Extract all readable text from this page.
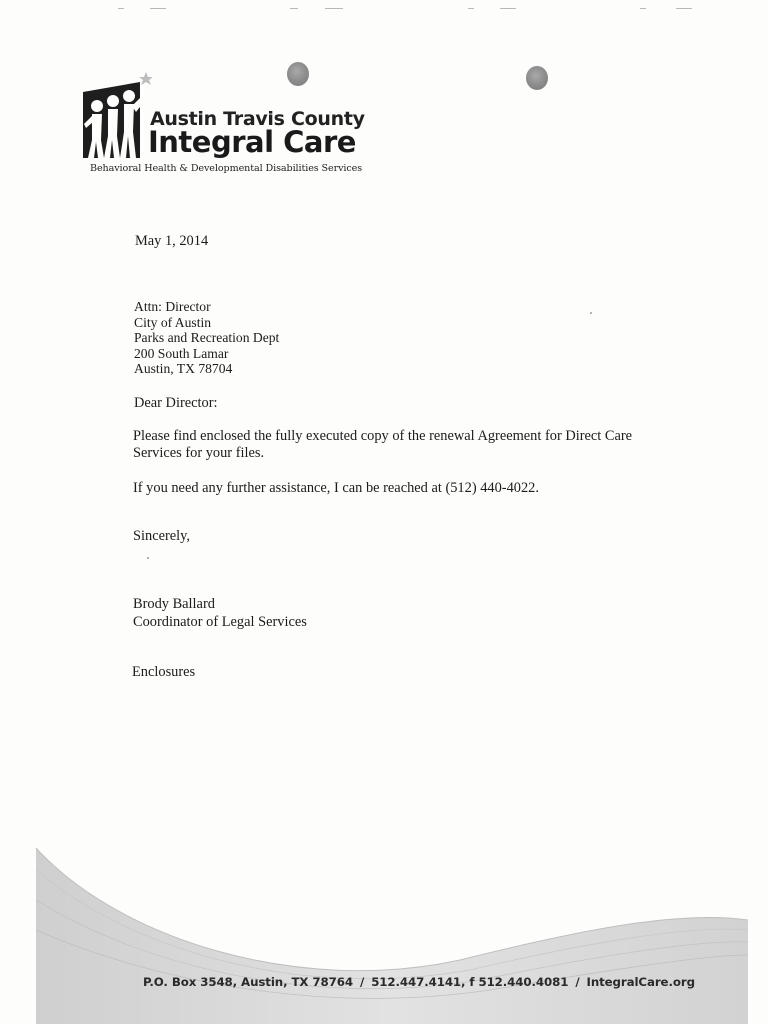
Austin Travis County
Integral Care
Behavioral Health & Developmental Disabilities Services
May 1, 2014
Attn: Director
City of Austin
Parks and Recreation Dept
200 South Lamar
Austin, TX 78704
Dear Director:
Please find enclosed the fully executed copy of the renewal Agreement for Direct Care
Services for your files.
If you need any further assistance, I can be reached at (512) 440-4022.
Sincerely,
Brody Ballard
Coordinator of Legal Services
Enclosures
P.O. Box 3548, Austin, TX 78764 / 512.447.4141, f 512.440.4081 / IntegralCare.org
